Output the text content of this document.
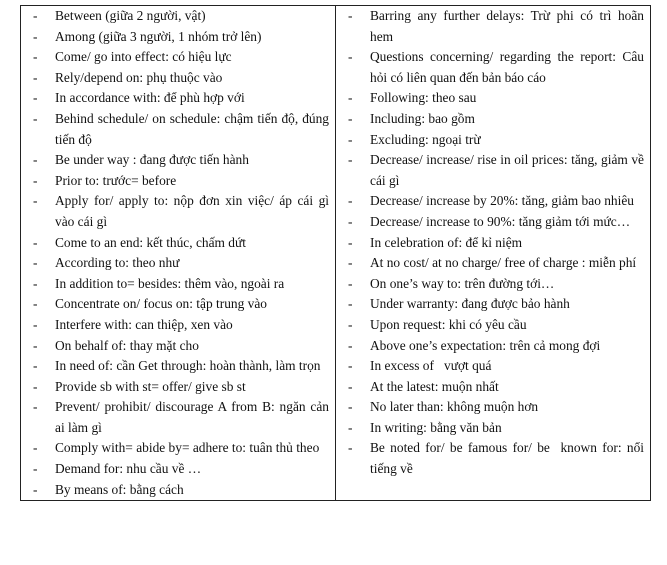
-	Between (giữa 2 người, vật)
-	Among (giữa 3 người, 1 nhóm trở lên)
-	Come/ go into effect: có hiệu lực
-	Rely/depend on: phụ thuộc vào
-	In accordance with: để phù hợp với
-	Behind schedule/ on schedule: chậm tiến độ, đúng tiến độ
-	Be under way : đang được tiến hành
-	Prior to: trước= before
-	Apply for/ apply to: nộp đơn xin việc/ áp cái gì vào cái gì
-	Come to an end: kết thúc, chấm dứt
-	According to: theo như
-	In addition to= besides: thêm vào, ngoài ra
-	Concentrate on/ focus on: tập trung vào
-	Interfere with: can thiệp, xen vào
-	On behalf of: thay mặt cho
-	In need of: cần Get through: hoàn thành, làm trọn
-	Provide sb with st= offer/ give sb st
-	Prevent/ prohibit/ discourage A from B: ngăn cản ai làm gì
-	Comply with= abide by= adhere to: tuân thủ theo
-	Demand for: nhu cầu về …
-	By means of: bằng cách

-	Barring any further delays: Trừ phi có trì hoãn   hem
-	Questions concerning/ regarding the report: Câu hỏi có liên quan đến bản báo cáo
-	Following: theo sau
-	Including: bao gồm
-	Excluding: ngoại trừ
-	Decrease/ increase/ rise in oil prices: tăng, giảm về cái gì
-	Decrease/ increase by 20%: tăng, giảm bao nhiêu
-	Decrease/ increase to 90%: tăng giảm tới mức…
-	In celebration of: để kỉ niệm
-	At no cost/ at no charge/ free of charge : miễn phí
-	On one’s way to: trên đường tới…
-	Under warranty: đang được bảo hành
-	Upon request: khi có yêu cầu
-	Above one’s expectation: trên cả mong đợi
-	In excess of   vượt quá
-	At the latest: muộn nhất
-	No later than: không muộn hơn
-	In writing: bằng văn bản
-	Be noted for/ be famous for/ be  known for: nổi tiếng về
